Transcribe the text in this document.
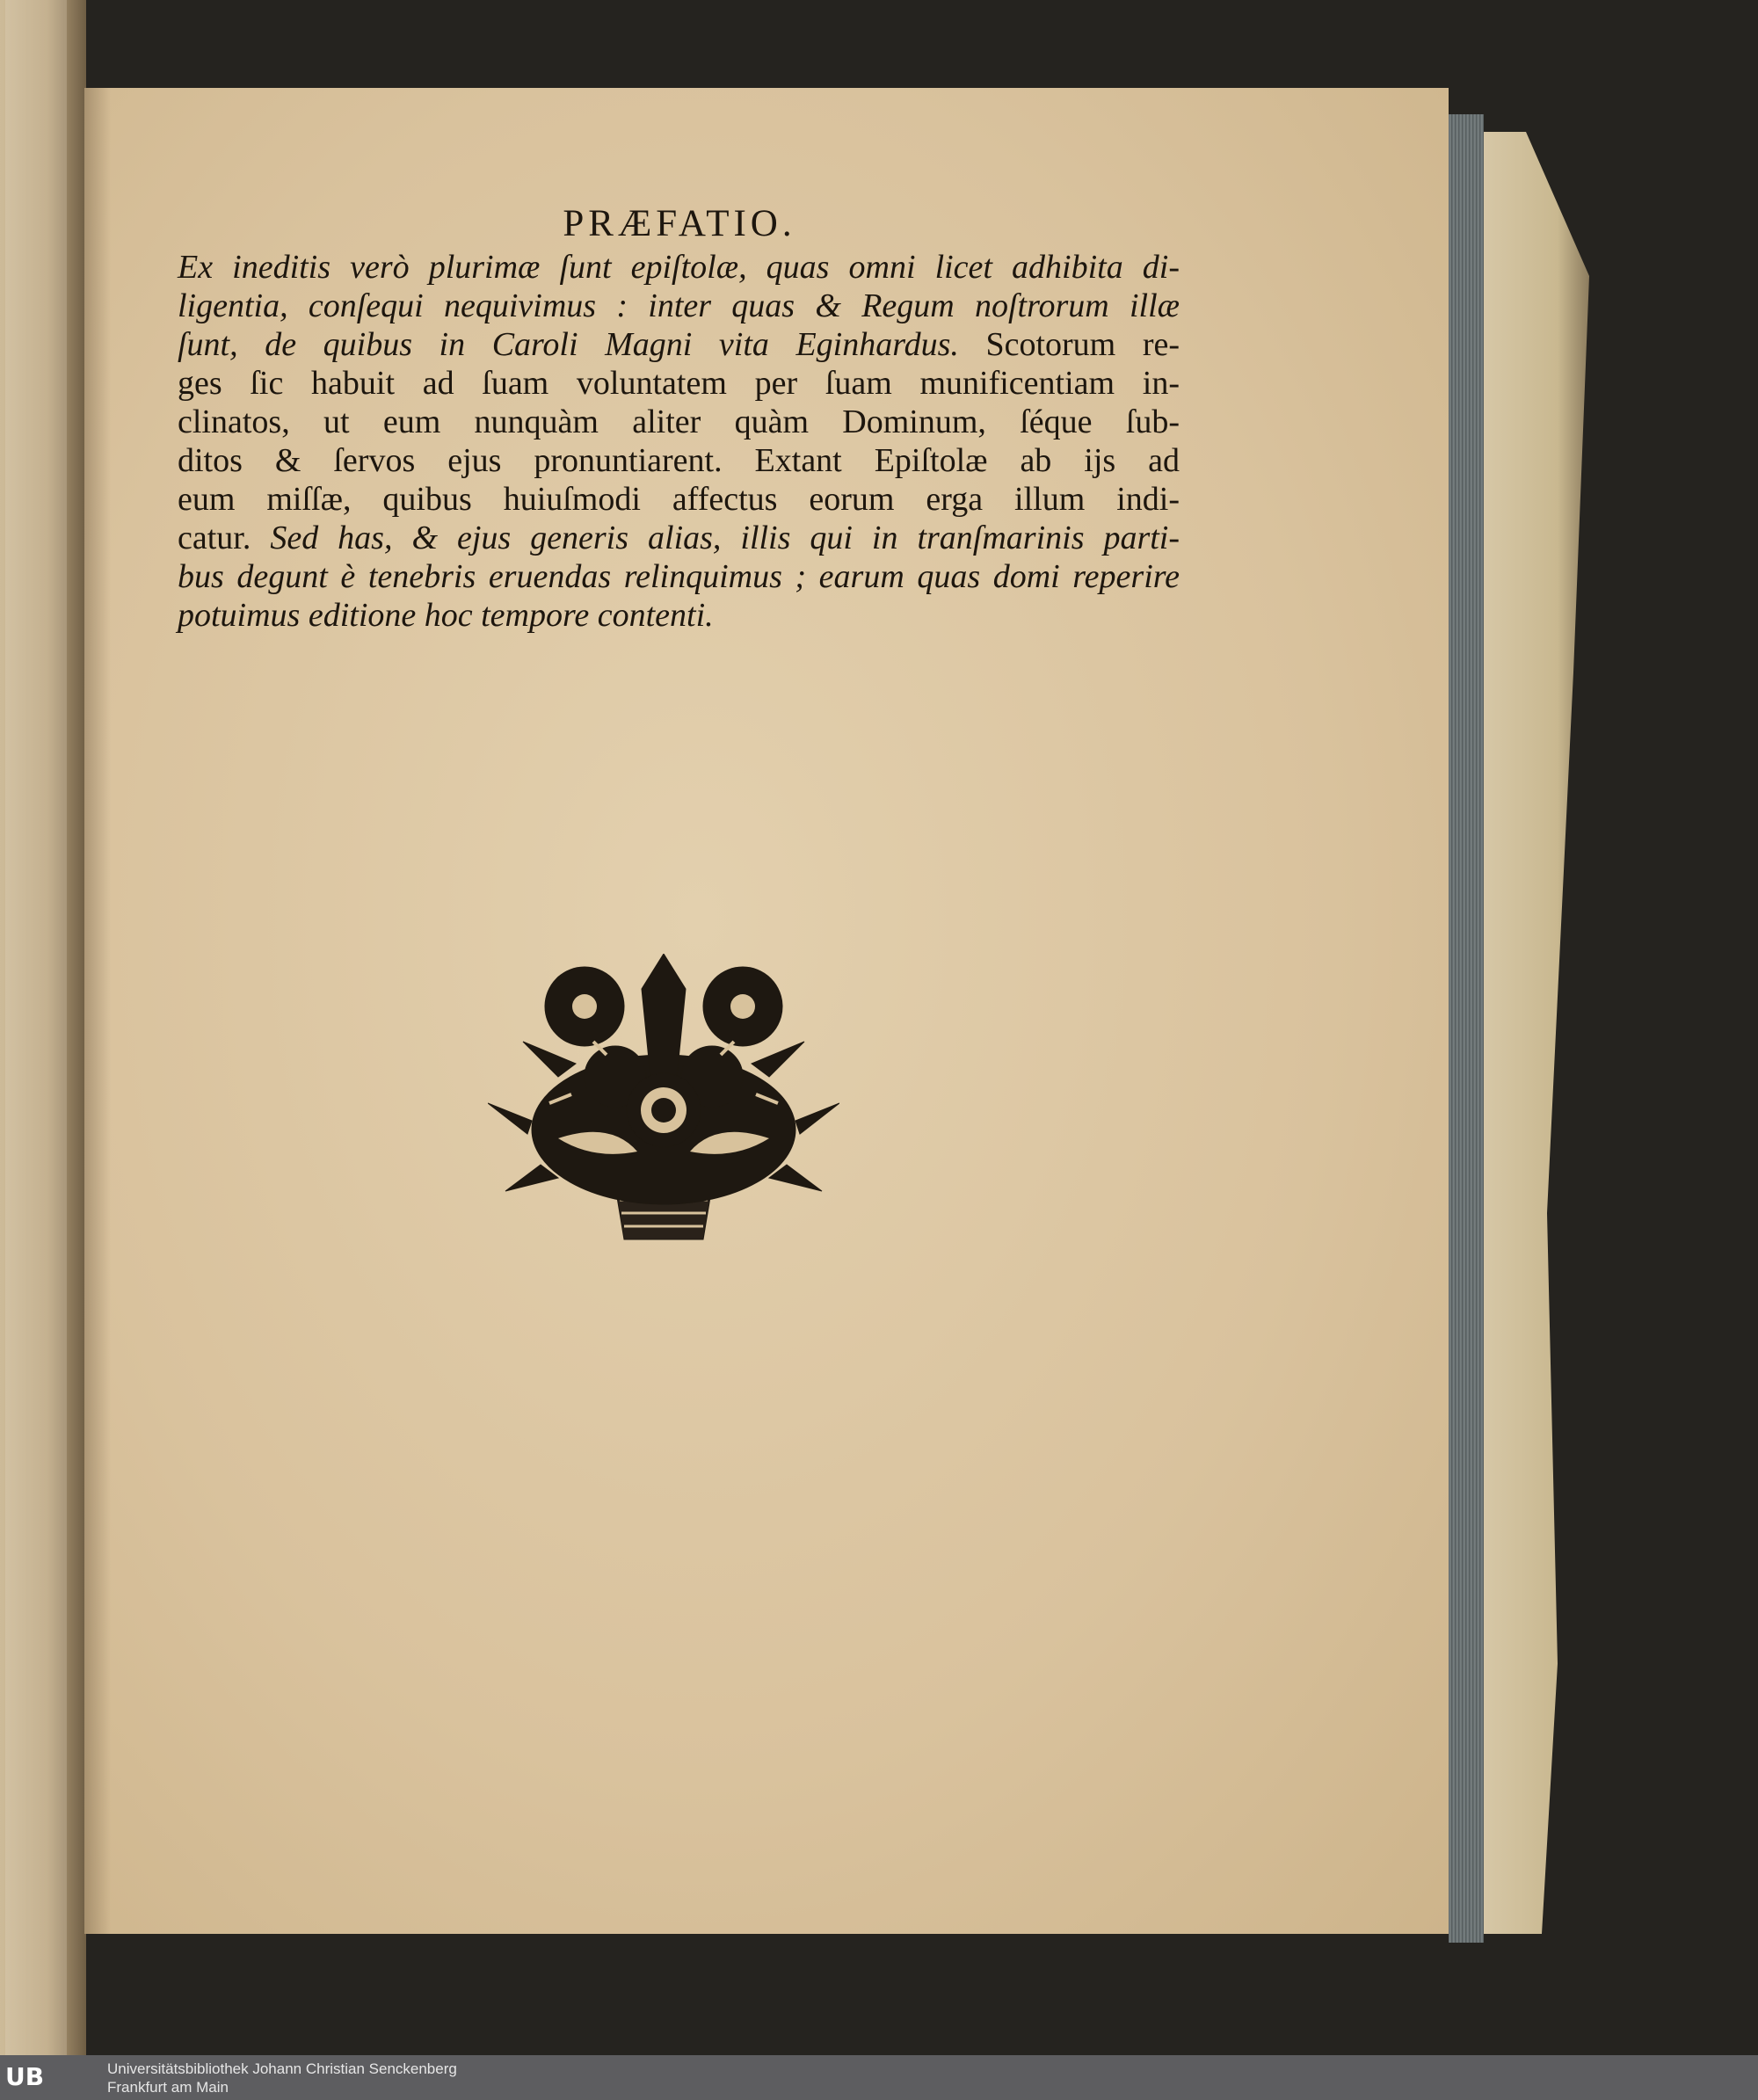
PRÆFATIO.
Ex ineditis verò plurimæ ſunt epiſtolæ, quas omni licet adhibita di-
ligentia, conſequi nequivimus : inter quas & Regum noſtrorum illæ
ſunt, de quibus in Caroli Magni vita Eginhardus. Scotorum re-
ges ſic habuit ad ſuam voluntatem per ſuam munificentiam in-
clinatos, ut eum nunquàm aliter quàm Dominum, ſéque ſub-
ditos & ſervos ejus pronuntiarent. Extant Epiſtolæ ab ijs ad
eum miſſæ, quibus huiuſmodi affectus eorum erga illum indi-
catur. Sed has, & ejus generis alias, illis qui in tranſmarinis parti-
bus degunt è tenebris eruendas relinquimus ; earum quas domi reperire
potuimus editione hoc tempore contenti.
UB	Universitätsbibliothek Johann Christian Senckenberg
Frankfurt am Main
